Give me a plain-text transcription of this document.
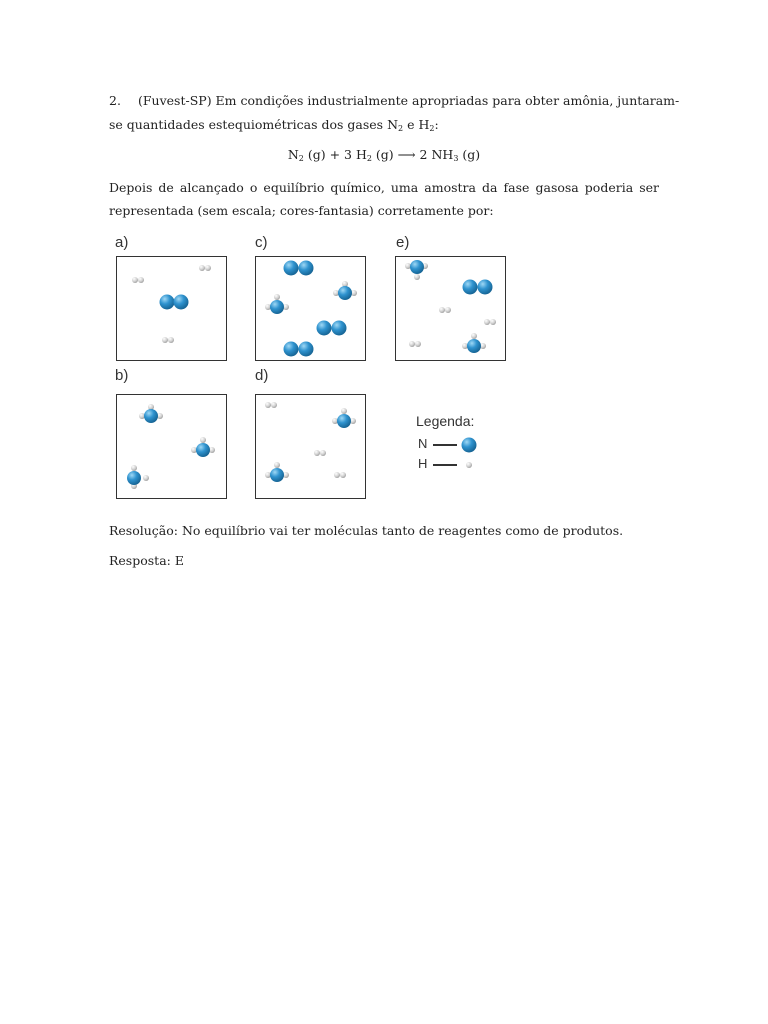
2. (Fuvest-SP) Em condições industrialmente apropriadas para obter amônia, juntaram-
se quantidades estequiométricas dos gases $N_2$ e $H_2$:
$N_2$ (g) + 3 $H_2$ (g) ⟶ 2 $NH_3$ (g)
Depois de alcançado o equilíbrio químico, uma amostra da fase gasosa poderia ser
representada (sem escala; cores-fantasia) corretamente por:
a)	c)	e)
b)	d)
Legenda:
N
H
Resolução: No equilíbrio vai ter moléculas tanto de reagentes como de produtos.
Resposta: E
